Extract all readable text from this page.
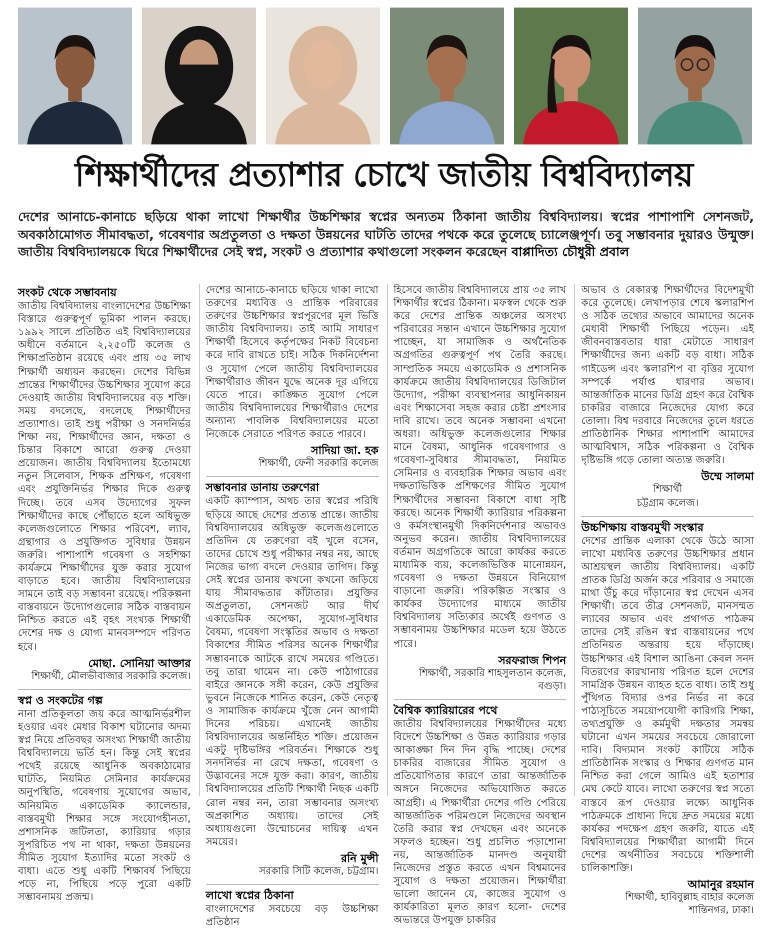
শিক্ষার্থীদের প্রত্যাশার চোখে জাতীয় বিশ্ববিদ্যালয়
দেশের আনাচে-কানাচে ছড়িয়ে থাকা লাখো শিক্ষার্থীর উচ্চশিক্ষার স্বপ্নের অন্যতম ঠিকানা জাতীয় বিশ্ববিদ্যালয়। স্বপ্নের পাশাপাশি সেশনজট, অবকাঠামোগত সীমাবদ্ধতা, গবেষণার অপ্রতুলতা ও দক্ষতা উন্নয়নের ঘাটতি তাদের পথকে করে তুলেছে চ্যালেঞ্জপূর্ণ। তবু সম্ভাবনার দুয়ারও উন্মুক্ত। জাতীয় বিশ্ববিদ্যালয়কে ঘিরে শিক্ষার্থীদের সেই স্বপ্ন, সংকট ও প্রত্যাশার কথাগুলো সংকলন করেছেন বাপ্পাদিত্য চৌধুরী প্রবাল
সংকট থেকে সম্ভাবনায়

জাতীয় বিশ্ববিদ্যালয় বাংলাদেশের উচ্চশিক্ষা বিস্তারে গুরুত্বপূর্ণ ভূমিকা পালন করছে। ১৯৯২ সালে প্রতিষ্ঠিত এই বিশ্ববিদ্যালয়ের অধীনে বর্তমানে ২,২৫০টি কলেজ ও শিক্ষাপ্রতিষ্ঠান রয়েছে এবং প্রায় ৩৫ লাখ শিক্ষার্থী অধ্যয়ন করছেন। দেশের বিভিন্ন প্রান্তের শিক্ষার্থীদের উচ্চশিক্ষার সুযোগ করে দেওয়াই জাতীয় বিশ্ববিদ্যালয়ের বড় শক্তি। সময় বদলেছে, বদলেছে শিক্ষার্থীদের প্রত্যাশাও। তাই শুধু পরীক্ষা ও সনদনির্ভর শিক্ষা নয়, শিক্ষার্থীদের জ্ঞান, দক্ষতা ও চিন্তার বিকাশে আরো গুরুত্ব দেওয়া প্রয়োজন। জাতীয় বিশ্ববিদ্যালয় ইতোমধ্যে নতুন সিলেবাস, শিক্ষক প্রশিক্ষণ, গবেষণা এবং প্রযুক্তিনির্ভর শিক্ষার দিকে গুরুত্ব দিচ্ছে। তবে এসব উদ্যোগের সুফল শিক্ষার্থীদের কাছে পৌঁছাতে হলে অধিভুক্ত কলেজগুলোতে শিক্ষার পরিবেশ, ল্যাব, গ্রন্থাগার ও প্রযুক্তিগত সুবিধার উন্নয়ন জরুরি। পাশাপাশি গবেষণা ও সহশিক্ষা কার্যক্রমে শিক্ষার্থীদের যুক্ত করার সুযোগ বাড়াতে হবে। জাতীয় বিশ্ববিদ্যালয়ের সামনে তাই বড় সম্ভাবনা রয়েছে। পরিকল্পনা বাস্তবায়নে উদ্যোগগুলোর সঠিক বাস্তবায়ন নিশ্চিত করতে এই বৃহৎ সংখ্যক শিক্ষার্থী দেশের দক্ষ ও যোগ্য মানবসম্পদে পরিণত হবে।

মোছা. সোনিয়া আক্তার
শিক্ষার্থী, মৌলভীবাজার সরকারি কলেজ।
স্বপ্ন ও সংকটের গল্প

নানা প্রতিকূলতা জয় করে আত্মনির্ভরশীল হওয়ার এবং মেধার বিকাশ ঘটানোর অদম্য স্বপ্ন নিয়ে প্রতিবছর অসংখ্য শিক্ষার্থী জাতীয় বিশ্ববিদ্যালয়ে ভর্তি হন। কিন্তু সেই স্বপ্নের পথেই রয়েছে আধুনিক অবকাঠামোর ঘাটতি, নিয়মিত সেমিনার কার্যক্রমের অনুপস্থিতি, গবেষণায় সুযোগের অভাব, অনিয়মিত একাডেমিক ক্যালেন্ডার, বাস্তবমুখী শিক্ষার সঙ্গে সংযোগহীনতা, প্রশাসনিক জটিলতা, ক্যারিয়ার গড়ার সুপরিচিত পথ না থাকা, দক্ষতা উন্নয়নের সীমিত সুযোগ ইত্যাদির মতো সংকট ও বাধা। এতে শুধু একটি শিক্ষাবর্ষ পিছিয়ে পড়ে না, পিছিয়ে পড়ে পুরো একটি সম্ভাবনাময় প্রজন্ম।

দেশের আনাচে-কানাচে ছড়িয়ে থাকা লাখো তরুণের মধ্যবিত্ত ও প্রান্তিক পরিবারের তরুণের উচ্চশিক্ষার স্বপ্নপূরণের মূল ভিত্তি জাতীয় বিশ্ববিদ্যালয়। তাই আমি সাধারণ শিক্ষার্থী হিসেবে কর্তৃপক্ষের নিকট বিবেচনা করে দাবি রাখতে চাই। সঠিক দিকনির্দেশনা ও সুযোগ পেলে জাতীয় বিশ্ববিদ্যালয়ের শিক্ষার্থীরাও জীবন যুদ্ধে অনেক দূর এগিয়ে যেতে পারে। কাঙ্ক্ষিত সুযোগ পেলে জাতীয় বিশ্ববিদ্যালয়ের শিক্ষার্থীরাও দেশের অন্যান্য পাবলিক বিশ্ববিদ্যালয়ের মতো নিজেকে সেরাতে পরিণত করতে পারবে।

সাদিয়া জা. হক
শিক্ষার্থী, ফেনী সরকারি কলেজ
সম্ভাবনার ডানায় তরুণেরা

একটি ক্যাম্পাস, অথচ তার স্বপ্নের পরিধি ছড়িয়ে আছে দেশের প্রত্যন্ত প্রান্তে। জাতীয় বিশ্ববিদ্যালয়ের অধিভুক্ত কলেজগুলোতে প্রতিদিন যে তরুণেরা বই খুলে বসেন, তাদের চোখে শুধু পরীক্ষার নম্বর নয়, আছে নিজের ভাগ্য বদলে দেওয়ার তাগিদ। কিন্তু সেই স্বপ্নের ডানায় কখনো কখনো জড়িয়ে যায় সীমাবদ্ধতার কাঁটাতার। প্রযুক্তির অপ্রতুলতা, সেশনজট আর দীর্ঘ একাডেমিক অপেক্ষা, সুযোগ-সুবিধার বৈষম্য, গবেষণা সংস্কৃতির অভাব ও দক্ষতা বিকাশের সীমিত পরিসর অনেক শিক্ষার্থীর সম্ভাবনাকে আটকে রাখে সময়ের গণ্ডিতে। তবু তারা থামেন না। কেউ পাঠাগারের বাইরে জ্ঞানকে সঙ্গী করেন, কেউ প্রযুক্তির ভুবনে নিজেকে শানিত করেন, কেউ নেতৃত্ব ও সামাজিক কার্যক্রমে খুঁজে নেন আগামী দিনের পরিচয়। এখানেই জাতীয় বিশ্ববিদ্যালয়ের অন্তর্নিহিত শক্তি। প্রয়োজন একটু দৃষ্টিভঙ্গির পরিবর্তন। শিক্ষাকে শুধু সনদনির্ভর না রেখে দক্ষতা, গবেষণা ও উদ্ভাবনের সঙ্গে যুক্ত করা। কারণ, জাতীয় বিশ্ববিদ্যালয়ের প্রতিটি শিক্ষার্থী নিছক একটি রোল নম্বর নন, তারা সম্ভাবনার অসংখ্য অপ্রকাশিত অধ্যায়। তাদের সেই অধ্যায়গুলো উন্মোচনের দায়িত্ব এখন সময়ের।

রনি মুন্সী
সরকারি সিটি কলেজ, চট্টগ্রাম।
লাখো স্বপ্নের ঠিকানা

বাংলাদেশের সবচেয়ে বড় উচ্চশিক্ষা প্রতিষ্ঠান

হিসেবে জাতীয় বিশ্ববিদ্যালয়ে প্রায় ৩৫ লাখ শিক্ষার্থীর স্বপ্নের ঠিকানা। মফস্বল থেকে শুরু করে দেশের প্রান্তিক অঞ্চলের অসংখ্য পরিবারের সন্তান এখানে উচ্চশিক্ষার সুযোগ পাচ্ছেন, যা সামাজিক ও অর্থনৈতিক অগ্রগতির গুরুত্বপূর্ণ পথ তৈরি করছে। সাম্প্রতিক সময়ে একাডেমিক ও প্রশাসনিক কার্যক্রমে জাতীয় বিশ্ববিদ্যালয়ের ডিজিটাল উদ্যোগ, পরীক্ষা ব্যবস্থাপনার আধুনিকায়ন এবং শিক্ষাসেবা সহজ করার চেষ্টা প্রশংসার দাবি রাখে। তবে অনেক সম্ভাবনা এখনো অধরা। অধিভুক্ত কলেজগুলোর শিক্ষার মানে বৈষম্য, আধুনিক গবেষণাগার ও গবেষণা-সুবিধার সীমাবদ্ধতা, নিয়মিত সেমিনার ও ব্যবহারিক শিক্ষার অভাব এবং দক্ষতাভিত্তিক প্রশিক্ষণের সীমিত সুযোগ শিক্ষার্থীদের সম্ভাবনা বিকাশে বাধা সৃষ্টি করছে। অনেক শিক্ষার্থী ক্যারিয়ার পরিকল্পনা ও কর্মসংস্থানমুখী দিকনির্দেশনার অভাবও অনুভব করেন। জাতীয় বিশ্ববিদ্যালয়ের বর্তমান অগ্রগতিকে আরো কার্যকর করতে মাধ্যমিক ব্যয়, কলেজভিত্তিক মানোন্নয়ন, গবেষণা ও দক্ষতা উন্নয়নে বিনিয়োগ বাড়ানো জরুরি। পরিকল্পিত সংস্কার ও কার্যকর উদ্যোগের মাধ্যমে জাতীয় বিশ্ববিদ্যালয় সত্যিকার অর্থেই গুণগত ও সম্ভাবনাময় উচ্চশিক্ষার মডেল হয়ে উঠতে পারে।

সরফরাজ শিপন
শিক্ষার্থী, সরকারি শাহসুলতান কলেজ, বগুড়া।
বৈশ্বিক ক্যারিয়ারের পথে

জাতীয় বিশ্ববিদ্যালয়ের শিক্ষার্থীদের মধ্যে বিদেশে উচ্চশিক্ষা ও উন্নত ক্যারিয়ার গড়ার আকাঙ্ক্ষা দিন দিন বৃদ্ধি পাচ্ছে। দেশের চাকরির বাজারের সীমিত সুযোগ ও প্রতিযোগিতার কারণে তারা আন্তর্জাতিক অঙ্গনে নিজেদের অভিযোজিত করতে আগ্রহী। এ শিক্ষার্থীরা দেশের গণ্ডি পেরিয়ে আন্তর্জাতিক পরিমণ্ডলে নিজেদের অবস্থান তৈরি করার স্বপ্ন দেখছেন এবং অনেকে সফলও হচ্ছেন। শুধু প্রচলিত পড়াশোনা নয়, আন্তর্জাতিক মানদণ্ড অনুযায়ী নিজেদের প্রস্তুত করতে এখন বিশ্বমানের সুযোগ ও দক্ষতা প্রয়োজন। শিক্ষার্থীরা ভালো জানেন যে, কাজের সুযোগ ও কার্যকারিতা মূলত কারণ হলো- দেশের অভ্যন্তরে উপযুক্ত চাকরির

অভাব ও বেকারত্ব শিক্ষার্থীদের বিদেশমুখী করে তুলেছে। লেখাপড়ার শেষে স্কলারশিপ ও সঠিক তথ্যের অভাবে আমাদের অনেক মেধাবী শিক্ষার্থী পিছিয়ে পড়েন। এই জীবনবাস্তবতার ধারা মেটাতে সাধারণ শিক্ষার্থীদের জন্য একটি বড় বাধা। সঠিক গাইডেন্স এবং স্কলারশিপ বা বৃত্তির সুযোগ সম্পর্কে পর্যাপ্ত ধারণার অভাব। আন্তর্জাতিক মানের ডিগ্রি গ্রহণ করে বৈশ্বিক চাকরির বাজারে নিজেদের যোগ্য করে তোলা। বিশ্ব দরবারে নিজেদের তুলে ধরতে প্রাতিষ্ঠানিক শিক্ষার পাশাপাশি আমাদের আত্মবিশ্বাস, সঠিক পরিকল্পনা ও বৈশ্বিক দৃষ্টিভঙ্গি গড়ে তোলা অত্যন্ত জরুরি।

উম্মে সালমা
শিক্ষার্থী
চট্টগ্রাম কলেজ।
উচ্চশিক্ষায় বাস্তবমুখী সংস্কার

দেশের প্রান্তিক এলাকা থেকে উঠে আসা লাখো মধ্যবিত্ত তরুণের উচ্চশিক্ষার প্রধান আশ্রয়স্থল জাতীয় বিশ্ববিদ্যালয়। একটি প্রাতক ডিগ্রি অর্জন করে পরিবার ও সমাজে মাথা উঁচু করে দাঁড়ানোর স্বপ্ন দেখেন এসব শিক্ষার্থী। তবে তীব্র সেশনজট, মানসম্মত ল্যাবের অভাব এবং প্রথাগত পাঠক্রম তাদের সেই রঙিন স্বপ্ন বাস্তবায়নের পথে প্রতিনিয়ত অন্তরায় হয়ে দাঁড়াচ্ছে। উচ্চশিক্ষার এই বিশাল আঙিনা কেবল সনদ বিতরণের কারখানায় পরিণত হলে দেশের সামগ্রিক উন্নয়ন ব্যাহত হতে বাধ্য। তাই শুধু পুঁথিগত বিদ্যার ওপর নির্ভর না করে পাঠ্যসূচিতে সময়োপযোগী কারিগরি শিক্ষা, তথ্যপ্রযুক্তি ও কর্মমুখী দক্ষতার সমন্বয় ঘটানো এখন সময়ের সবচেয়ে জোরালো দাবি। বিদ্যমান সংকট কাটিয়ে সঠিক প্রাতিষ্ঠানিক সংস্কার ও শিক্ষার গুণগত মান নিশ্চিত করা গেলে আমিও এই হতাশার মেঘ কেটে যাবে। লাখো তরুণের স্বপ্ন সত্যে বাস্তবে রূপ দেওয়ার লক্ষ্যে আধুনিক পাঠক্রমকে প্রাধান্য দিয়ে দ্রুত সময়ের মধ্যে কার্যকর পদক্ষেপ গ্রহণ জরুরি, যাতে এই বিশ্ববিদ্যালয়ের শিক্ষার্থীরা আগামী দিনে দেশের অর্থনীতির সবচেয়ে শক্তিশালী চালিকাশক্তি।

আমানুর রহমান
শিক্ষার্থী, হাবিবুল্লাহ বাহার কলেজ
শান্তিনগর, ঢাকা।
